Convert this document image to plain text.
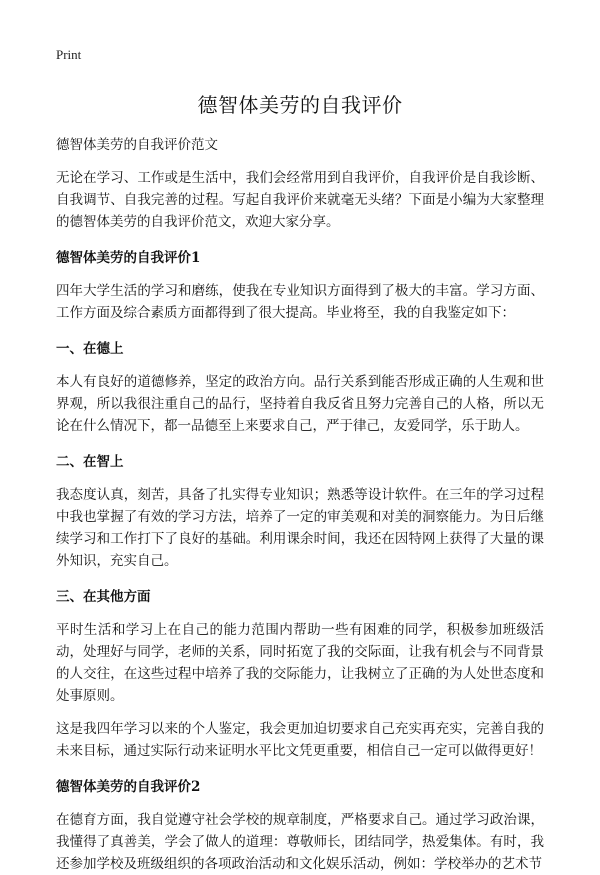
Print
德智体美劳的自我评价
德智体美劳的自我评价范文

无论在学习、工作或是生活中，我们会经常用到自我评价，自我评价是自我诊断、自我调节、自我完善的过程。写起自我评价来就毫无头绪？下面是小编为大家整理的德智体美劳的自我评价范文，欢迎大家分享。

德智体美劳的自我评价1

四年大学生活的学习和磨练，使我在专业知识方面得到了极大的丰富。学习方面、工作方面及综合素质方面都得到了很大提高。毕业将至，我的自我鉴定如下：

一、在德上

本人有良好的道德修养，坚定的政治方向。品行关系到能否形成正确的人生观和世界观，所以我很注重自己的品行，坚持着自我反省且努力完善自己的人格，所以无论在什么情况下，都一品德至上来要求自己，严于律己，友爱同学，乐于助人。

二、在智上

我态度认真，刻苦，具备了扎实得专业知识；熟悉等设计软件。在三年的学习过程中我也掌握了有效的学习方法，培养了一定的审美观和对美的洞察能力。为日后继续学习和工作打下了良好的基础。利用课余时间，我还在因特网上获得了大量的课外知识，充实自己。

三、在其他方面

平时生活和学习上在自己的能力范围内帮助一些有困难的同学，积极参加班级活动，处理好与同学，老师的关系，同时拓宽了我的交际面，让我有机会与不同背景的人交往，在这些过程中培养了我的交际能力，让我树立了正确的为人处世态度和处事原则。

这是我四年学习以来的个人鉴定，我会更加迫切要求自己充实再充实，完善自我的未来目标，通过实际行动来证明水平比文凭更重要，相信自己一定可以做得更好！

德智体美劳的自我评价2

在德育方面，我自觉遵守社会学校的规章制度，严格要求自己。通过学习政治课，我懂得了真善美，学会了做人的道理：尊敬师长，团结同学，热爱集体。有时，我还参加学校及班级组织的各项政治活动和文化娱乐活动，例如：学校举办的艺术节
